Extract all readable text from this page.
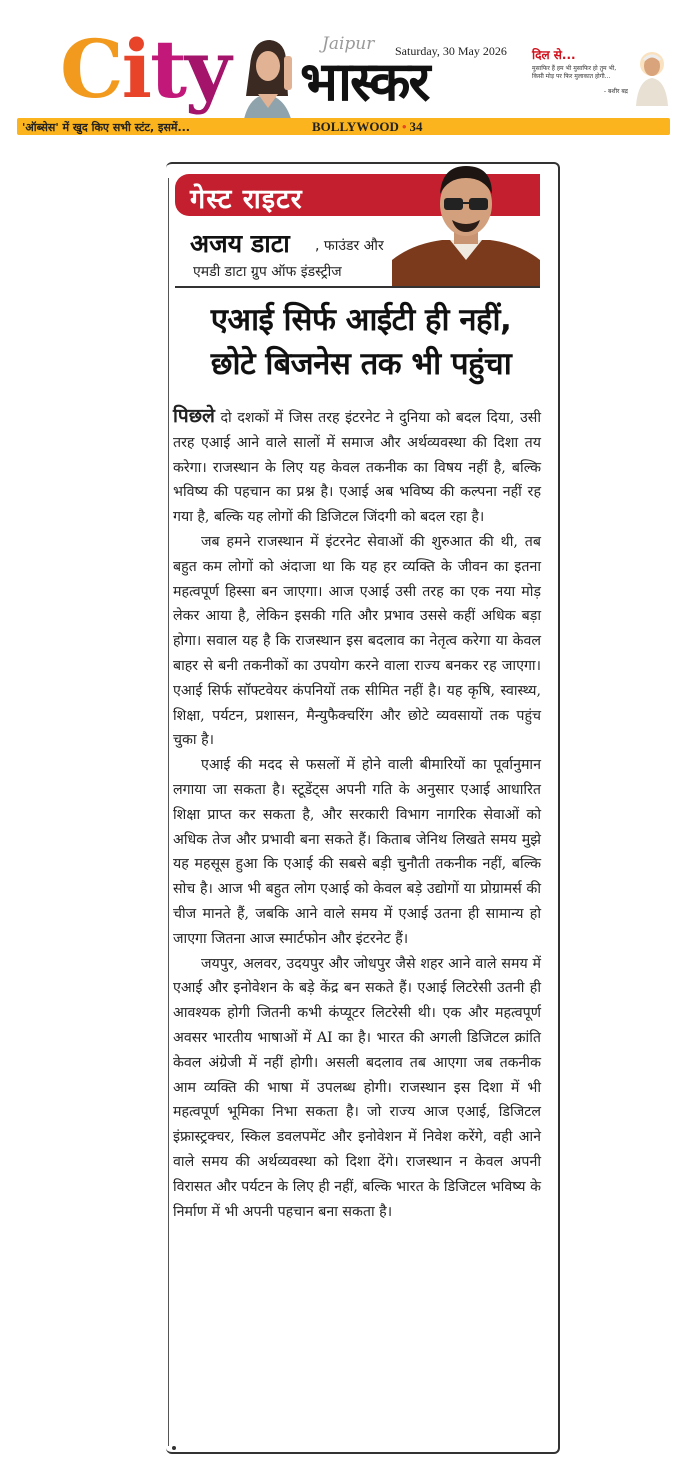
City	Jaipur Saturday, 30 May 2026
भास्कर	दिल से...
मुसाफिर हैं हम भी मुसाफिर हो तुम भी, किसी मोड़ पर फिर मुलाकात होगी...
- बशीर बद्र
'ऑब्सेस' में खुद किए सभी स्टंट, इसमें...	BOLLYWOOD • 34
गेस्ट राइटर
अजय डाटा , फाउंडर और
एमडी डाटा ग्रुप ऑफ इंडस्ट्रीज
एआई सिर्फ आईटी ही नहीं,
छोटे बिजनेस तक भी पहुंचा

पिछले दो दशकों में जिस तरह इंटरनेट ने दुनिया को बदल दिया, उसी तरह एआई आने वाले सालों में समाज और अर्थव्यवस्था की दिशा तय करेगा। राजस्थान के लिए यह केवल तकनीक का विषय नहीं है, बल्कि भविष्य की पहचान का प्रश्न है। एआई अब भविष्य की कल्पना नहीं रह गया है, बल्कि यह लोगों की डिजिटल जिंदगी को बदल रहा है।

जब हमने राजस्थान में इंटरनेट सेवाओं की शुरुआत की थी, तब बहुत कम लोगों को अंदाजा था कि यह हर व्यक्ति के जीवन का इतना महत्वपूर्ण हिस्सा बन जाएगा। आज एआई उसी तरह का एक नया मोड़ लेकर आया है, लेकिन इसकी गति और प्रभाव उससे कहीं अधिक बड़ा होगा। सवाल यह है कि राजस्थान इस बदलाव का नेतृत्व करेगा या केवल बाहर से बनी तकनीकों का उपयोग करने वाला राज्य बनकर रह जाएगा। एआई सिर्फ सॉफ्टवेयर कंपनियों तक सीमित नहीं है। यह कृषि, स्वास्थ्य, शिक्षा, पर्यटन, प्रशासन, मैन्युफैक्चरिंग और छोटे व्यवसायों तक पहुंच चुका है।

एआई की मदद से फसलों में होने वाली बीमारियों का पूर्वानुमान लगाया जा सकता है। स्टूडेंट्स अपनी गति के अनुसार एआई आधारित शिक्षा प्राप्त कर सकता है, और सरकारी विभाग नागरिक सेवाओं को अधिक तेज और प्रभावी बना सकते हैं। किताब जेनिथ लिखते समय मुझे यह महसूस हुआ कि एआई की सबसे बड़ी चुनौती तकनीक नहीं, बल्कि सोच है। आज भी बहुत लोग एआई को केवल बड़े उद्योगों या प्रोग्रामर्स की चीज मानते हैं, जबकि आने वाले समय में एआई उतना ही सामान्य हो जाएगा जितना आज स्मार्टफोन और इंटरनेट हैं।

जयपुर, अलवर, उदयपुर और जोधपुर जैसे शहर आने वाले समय में एआई और इनोवेशन के बड़े केंद्र बन सकते हैं। एआई लिटरेसी उतनी ही आवश्यक होगी जितनी कभी कंप्यूटर लिटरेसी थी। एक और महत्वपूर्ण अवसर भारतीय भाषाओं में AI का है। भारत की अगली डिजिटल क्रांति केवल अंग्रेजी में नहीं होगी। असली बदलाव तब आएगा जब तकनीक आम व्यक्ति की भाषा में उपलब्ध होगी। राजस्थान इस दिशा में भी महत्वपूर्ण भूमिका निभा सकता है। जो राज्य आज एआई, डिजिटल इंफ्रास्ट्रक्चर, स्किल डवलपमेंट और इनोवेशन में निवेश करेंगे, वही आने वाले समय की अर्थव्यवस्था को दिशा देंगे। राजस्थान न केवल अपनी विरासत और पर्यटन के लिए ही नहीं, बल्कि भारत के डिजिटल भविष्य के निर्माण में भी अपनी पहचान बना सकता है।
